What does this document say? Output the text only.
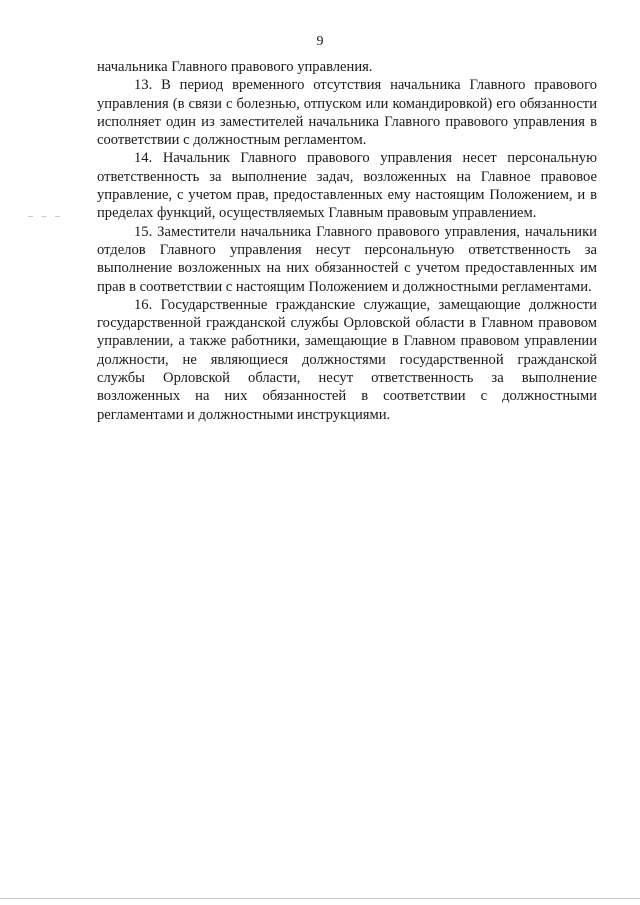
9
‒ ‒ ‒

начальника Главного правового управления.

13. В период временного отсутствия начальника Главного правового управления (в связи с болезнью, отпуском или командировкой) его обязанности исполняет один из заместителей начальника Главного правового управления в соответствии с должностным регламентом.

14. Начальник Главного правового управления несет персональную ответственность за выполнение задач, возложенных на Главное правовое управление, с учетом прав, предоставленных ему настоящим Положением, и в пределах функций, осуществляемых Главным правовым управлением.

15. Заместители начальника Главного правового управления, начальники отделов Главного управления несут персональную ответственность за выполнение возложенных на них обязанностей с учетом предоставленных им прав в соответствии с настоящим Положением и должностными регламентами.

16. Государственные гражданские служащие, замещающие должности государственной гражданской службы Орловской области в Главном правовом управлении, а также работники, замещающие в Главном правовом управлении должности, не являющиеся должностями государственной гражданской службы Орловской области, несут ответственность за выполнение возложенных на них обязанностей в соответствии с должностными регламентами и должностными инструкциями.
